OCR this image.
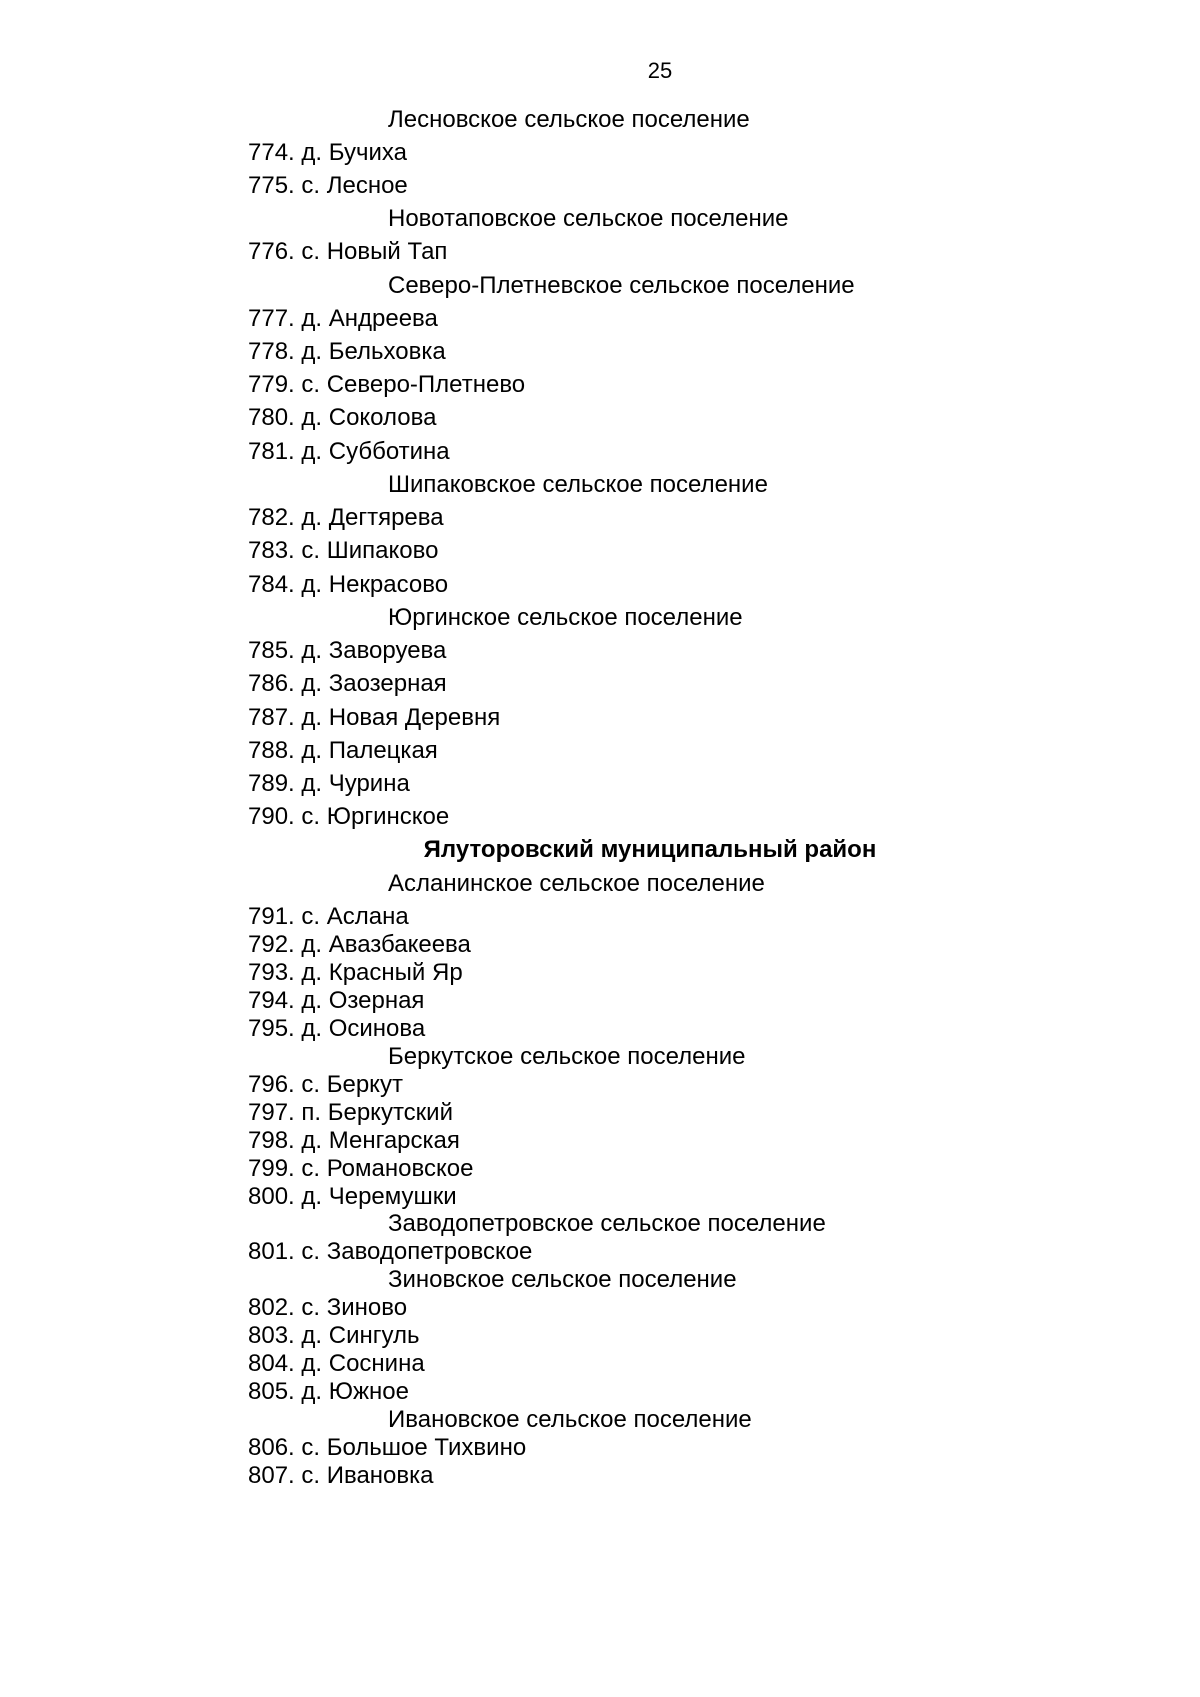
25
Лесновское сельское поселение
774. д. Бучиха
775. с. Лесное
Новотаповское сельское поселение
776. с. Новый Тап
Северо-Плетневское сельское поселение
777. д. Андреева
778. д. Бельховка
779. с. Северо-Плетнево
780. д. Соколова
781. д. Субботина
Шипаковское сельское поселение
782. д. Дегтярева
783. с. Шипаково
784. д. Некрасово
Юргинское сельское поселение
785. д. Заворуева
786. д. Заозерная
787. д. Новая Деревня
788. д. Палецкая
789. д. Чурина
790. с. Юргинское
Ялуторовский муниципальный район
Асланинское сельское поселение
791. с. Аслана
792. д. Авазбакеева
793. д. Красный Яр
794. д. Озерная
795. д. Осинова
Беркутское сельское поселение
796. с. Беркут
797. п. Беркутский
798. д. Менгарская
799. с. Романовское
800. д. Черемушки
Заводопетровское сельское поселение
801. с. Заводопетровское
Зиновское сельское поселение
802. с. Зиново
803. д. Сингуль
804. д. Соснина
805. д. Южное
Ивановское сельское поселение
806. с. Большое Тихвино
807. с. Ивановка
